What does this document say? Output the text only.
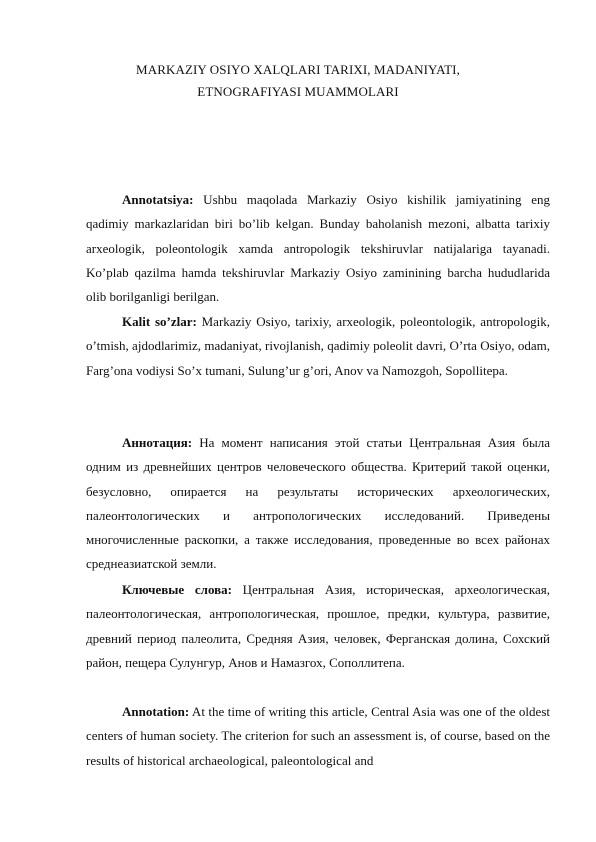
MARKAZIY OSIYO XALQLARI TARIXI, MADANIYATI,
ETNOGRAFIYASI MUAMMOLARI
Annotatsiya: Ushbu maqolada Markaziy Osiyo kishilik jamiyatining eng qadimiy markazlaridan biri bo’lib kelgan. Bunday baholanish mezoni, albatta tarixiy arxeologik, poleontologik xamda antropologik tekshiruvlar natijalariga tayanadi. Ko’plab qazilma hamda tekshiruvlar Markaziy Osiyo zaminining barcha hududlarida olib borilganligi berilgan.
Kalit so’zlar: Markaziy Osiyo, tarixiy, arxeologik, poleontologik, antropologik, o’tmish, ajdodlarimiz, madaniyat, rivojlanish, qadimiy poleolit davri, O’rta Osiyo, odam, Farg’ona vodiysi So’x tumani, Sulung’ur g’ori, Anov va Namozgoh, Sopollitepa.
Аннотация: На момент написания этой статьи Центральная Азия была одним из древнейших центров человеческого общества. Критерий такой оценки, безусловно, опирается на результаты исторических археологических, палеонтологических и антропологических исследований. Приведены многочисленные раскопки, а также исследования, проведенные во всех районах среднеазиатской земли.
Ключевые слова: Центральная Азия, историческая, археологическая, палеонтологическая, антропологическая, прошлое, предки, культура, развитие, древний период палеолита, Средняя Азия, человек, Ферганская долина, Сохский район, пещера Сулунгур, Анов и Намазгох, Сополлитепа.
Annotation: At the time of writing this article, Central Asia was one of the oldest centers of human society. The criterion for such an assessment is, of course, based on the results of historical archaeological, paleontological and
